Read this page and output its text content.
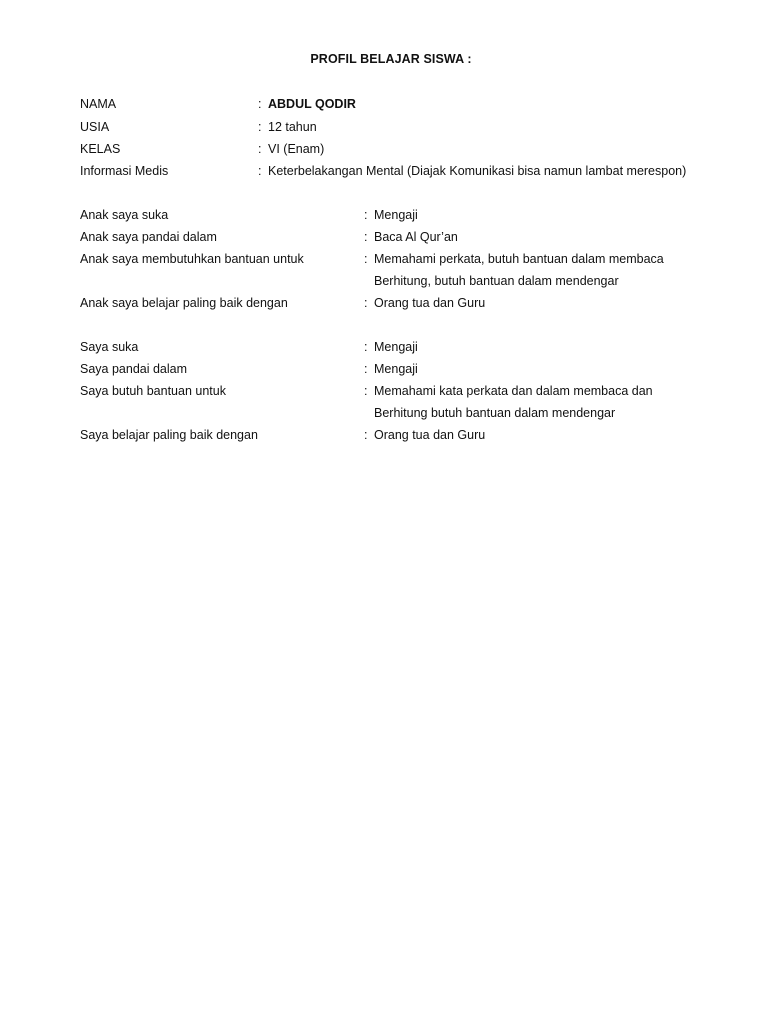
PROFIL BELAJAR SISWA :
NAMA	: ABDUL QODIR
USIA	: 12 tahun
KELAS	: VI (Enam)
Informasi Medis	: Keterbelakangan Mental (Diajak Komunikasi bisa namun lambat merespon)
Anak saya suka	: Mengaji
Anak saya pandai dalam	: Baca Al Qur’an
Anak saya membutuhkan bantuan untuk	: Memahami perkata, butuh bantuan dalam membaca
Berhitung, butuh bantuan dalam mendengar
Anak saya belajar paling baik dengan	: Orang tua dan Guru
Saya suka	: Mengaji
Saya pandai dalam	: Mengaji
Saya butuh bantuan untuk	: Memahami kata perkata dan dalam membaca dan
Berhitung butuh bantuan dalam mendengar
Saya belajar paling baik dengan	: Orang tua dan Guru
